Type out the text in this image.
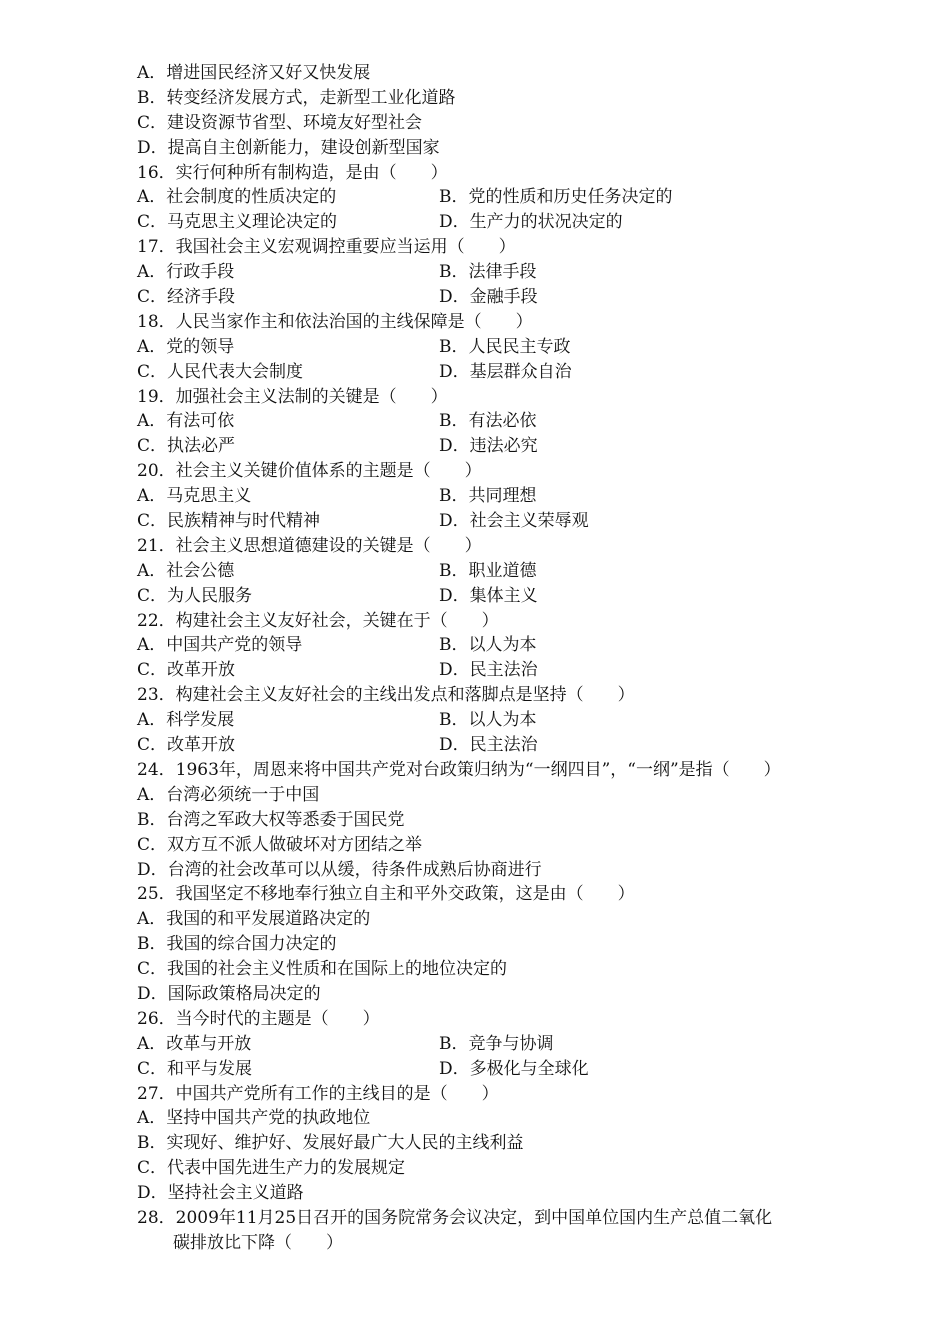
A．增进国民经济又好又快发展
B．转变经济发展方式，走新型工业化道路
C．建设资源节省型、环境友好型社会
D．提高自主创新能力，建设创新型国家
16．实行何种所有制构造，是由（　　）
A．社会制度的性质决定的	B．党的性质和历史任务决定的
C．马克思主义理论决定的	D．生产力的状况决定的
17．我国社会主义宏观调控重要应当运用（　　）
A．行政手段	B．法律手段
C．经济手段	D．金融手段
18．人民当家作主和依法治国的主线保障是（　　）
A．党的领导	B．人民民主专政
C．人民代表大会制度	D．基层群众自治
19．加强社会主义法制的关键是（　　）
A．有法可依	B．有法必依
C．执法必严	D．违法必究
20．社会主义关键价值体系的主题是（　　）
A．马克思主义	B．共同理想
C．民族精神与时代精神	D．社会主义荣辱观
21．社会主义思想道德建设的关键是（　　）
A．社会公德	B．职业道德
C．为人民服务	D．集体主义
22．构建社会主义友好社会，关键在于（　　）
A．中国共产党的领导	B．以人为本
C．改革开放	D．民主法治
23．构建社会主义友好社会的主线出发点和落脚点是坚持（　　）
A．科学发展	B．以人为本
C．改革开放	D．民主法治
24．1963年，周恩来将中国共产党对台政策归纳为“一纲四目”，“一纲”是指（　　）
A．台湾必须统一于中国
B．台湾之军政大权等悉委于国民党
C．双方互不派人做破坏对方团结之举
D．台湾的社会改革可以从缓，待条件成熟后协商进行
25．我国坚定不移地奉行独立自主和平外交政策，这是由（　　）
A．我国的和平发展道路决定的
B．我国的综合国力决定的
C．我国的社会主义性质和在国际上的地位决定的
D．国际政策格局决定的
26．当今时代的主题是（　　）
A．改革与开放	B．竞争与协调
C．和平与发展	D．多极化与全球化
27．中国共产党所有工作的主线目的是（　　）
A．坚持中国共产党的执政地位
B．实现好、维护好、发展好最广大人民的主线利益
C．代表中国先进生产力的发展规定
D．坚持社会主义道路
28．2009年11月25日召开的国务院常务会议决定，到中国单位国内生产总值二氧化
碳排放比下降（　　）
